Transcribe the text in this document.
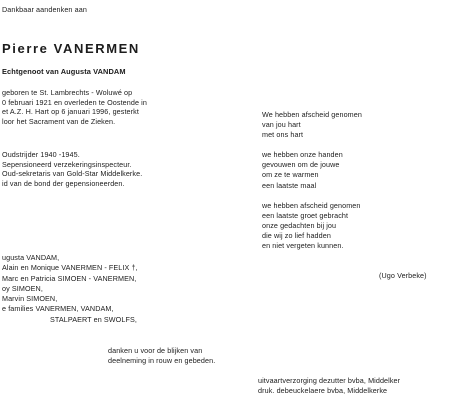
Dankbaar aandenken aan
Pierre VANERMEN
Echtgenoot van Augusta VANDAM
geboren te St. Lambrechts - Woluwé op
0 februari 1921 en overleden te Oostende in
et A.Z. H. Hart op 6 januari 1996, gesterkt
loor het Sacrament van de Zieken.
Oudstrijder 1940 -1945.
Sepensioneerd verzekeringsinspecteur.
Oud-sekretaris van Gold-Star Middelkerke.
id van de bond der gepensioneerden.
ugusta VANDAM,
Alain en Monique VANERMEN - FELIX †,
Marc en Patricia SIMOEN - VANERMEN,
oy SIMOEN,
Marvin SIMOEN,
e families VANERMEN, VANDAM,
STALPAERT en SWOLFS,
danken u voor de blijken van
deelneming in rouw en gebeden.
We hebben afscheid genomen
van jou hart
met ons hart
we hebben onze handen
gevouwen om de jouwe
om ze te warmen
een laatste maal
we hebben afscheid genomen
een laatste groet gebracht
onze gedachten bij jou
die wij zo lief hadden
en niet vergeten kunnen.
(Ugo Verbeke)
uitvaartverzorging dezutter bvba, Middelker
druk. debeuckelaere bvba, Middelkerke
